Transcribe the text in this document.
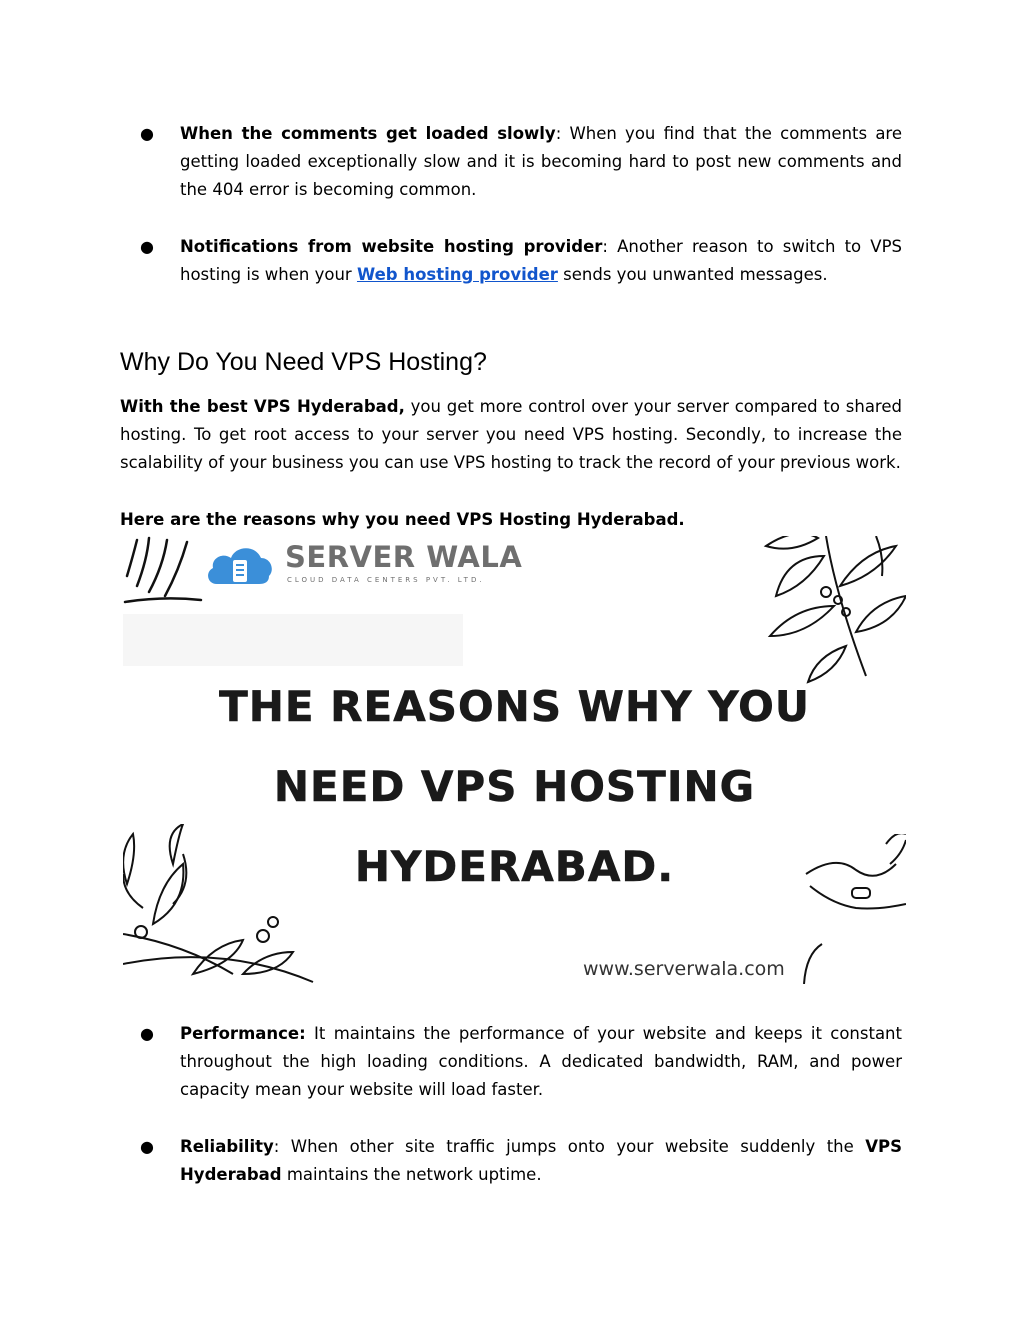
●	When the comments get loaded slowly: When you find that the comments are getting loaded exceptionally slow and it is becoming hard to post new comments and the 404 error is becoming common.
●	Notifications from website hosting provider: Another reason to switch to VPS hosting is when your Web hosting provider sends you unwanted messages.
Why Do You Need VPS Hosting?
With the best VPS Hyderabad, you get more control over your server compared to shared hosting. To get root access to your server you need VPS hosting. Secondly, to increase the scalability of your business you can use VPS hosting to track the record of your previous work.
Here are the reasons why you need VPS Hosting Hyderabad.
SERVER WALA
CLOUD DATA CENTERS PVT. LTD.
THE REASONS WHY YOU
NEED VPS HOSTING
HYDERABAD.
www.serverwala.com
●	Performance: It maintains the performance of your website and keeps it constant throughout the high loading conditions. A dedicated bandwidth, RAM, and power capacity mean your website will load faster.
●	Reliability: When other site traffic jumps onto your website suddenly the VPS Hyderabad maintains the network uptime.
